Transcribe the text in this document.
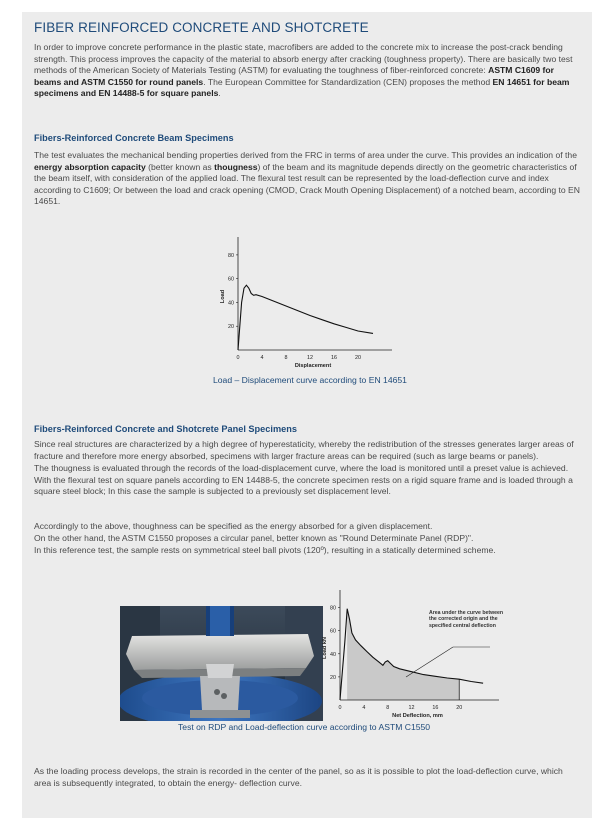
FIBER REINFORCED CONCRETE AND SHOTCRETE

In order to improve concrete performance in the plastic state, macrofibers are added to the concrete mix to increase the post-crack bending strength. This process improves the capacity of the material to absorb energy after cracking (toughness property). There are basically two test methods of the American Society of Materials Testing (ASTM) for evaluating the toughness of fiber-reinforced concrete: ASTM C1609 for beams and ASTM C1550 for round panels. The European Committee for Standardization (CEN) proposes the method EN 14651 for beam specimens and EN 14488-5 for square panels.

Fibers-Reinforced Concrete Beam Specimens

The test evaluates the mechanical bending properties derived from the FRC in terms of area under the curve. This provides an indication of the energy absorption capacity (better known as thougness) of the beam and its magnitude depends directly on the geometric characteristics of the beam itself, with consideration of the applied load. The flexural test result can be represented by the load-deflection curve and index according to C1609; Or between the load and crack opening (CMOD, Crack Mouth Opening Displacement) of a notched beam, according to EN 14651.

0	4	8	12	16	20
20
40
60
80
Displacement
Load

Load – Displacement curve according to EN 14651

Fibers-Reinforced Concrete and Shotcrete Panel Specimens

Since real structures are characterized by a high degree of hyperestaticity, whereby the redistribution of the stresses generates larger areas of fracture and therefore more energy absorbed, specimens with larger fracture areas can be required (such as large beams or panels).

The thougness is evaluated through the records of the load-displacement curve, where the load is monitored until a preset value is achieved. With the flexural test on square panels according to EN 14488-5, the concrete specimen rests on a rigid square frame and is loaded through a square steel block; In this case the sample is subjected to a previously set displacement level.

Accordingly to the above, thoughness can be specified as the energy absorbed for a given displacement.

On the other hand, the ASTM C1550 proposes a circular panel, better known as "Round Determinate Panel (RDP)".

In this reference test, the sample rests on symmetrical steel ball pivots (120º), resulting in a statically determined scheme.

0	4	8	12	16	20
20
40
60
80
Net Deflection, mm
Load kN
Area under the curve between the corrected origin and the specified central deflection

Test on RDP and Load-deflection curve according to ASTM C1550

As the loading process develops, the strain is recorded in the center of the panel, so as it is possible to plot the load-deflection curve, which area is subsequently integrated, to obtain the energy- deflection curve.
